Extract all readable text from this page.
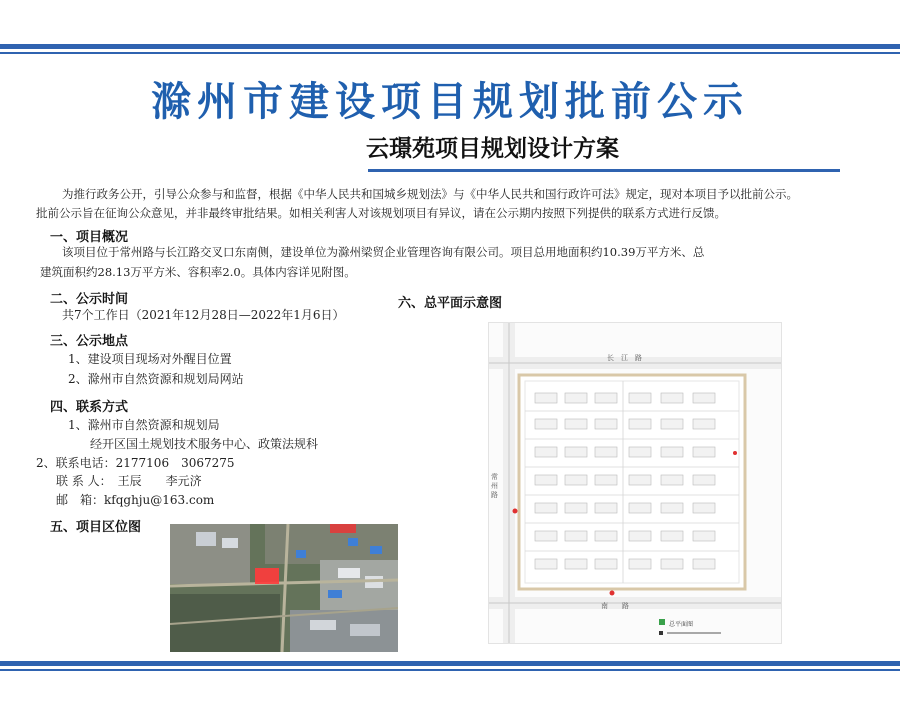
滁州市建设项目规划批前公示
云璟苑项目规划设计方案
为推行政务公开，引导公众参与和监督，根据《中华人民共和国城乡规划法》与《中华人民共和国行政许可法》规定，现对本项目予以批前公示。
批前公示旨在征询公众意见，并非最终审批结果。如相关利害人对该规划项目有异议，请在公示期内按照下列提供的联系方式进行反馈。
一、项目概况
该项目位于常州路与长江路交叉口东南侧，建设单位为滁州梁贸企业管理咨询有限公司。项目总用地面积约10.39万平方米、总
建筑面积约28.13万平方米、容积率2.0。具体内容详见附图。
二、公示时间
共7个工作日（2021年12月28日—2022年1月6日）
三、公示地点
1、建设项目现场对外醒目位置
2、滁州市自然资源和规划局网站
四、联系方式
1、滁州市自然资源和规划局
经开区国土规划技术服务中心、政策法规科
2、联系电话：2177106　3067275
联 系 人：　王辰　　李元济
邮　箱：kfqghju@163.com
五、项目区位图
六、总平面示意图
长　江　路
南　　路
常州路
总平面图
